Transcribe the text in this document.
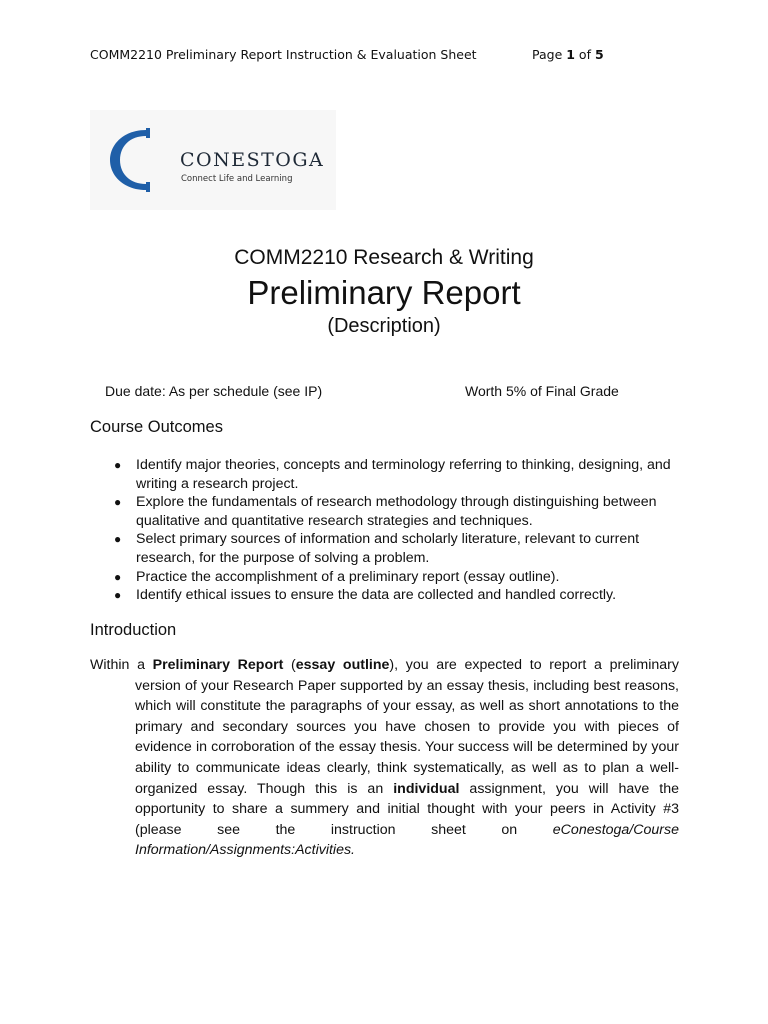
COMM2210 Preliminary Report Instruction & Evaluation Sheet	Page 1 of 5
CONESTOGA
Connect Life and Learning
COMM2210 Research & Writing
Preliminary Report
(Description)
Due date: As per schedule (see IP)	Worth 5% of Final Grade
Course Outcomes
● Identify major theories, concepts and terminology referring to thinking, designing, and writing a research project.
● Explore the fundamentals of research methodology through distinguishing between qualitative and quantitative research strategies and techniques.
● Select primary sources of information and scholarly literature, relevant to current research, for the purpose of solving a problem.
● Practice the accomplishment of a preliminary report (essay outline).
● Identify ethical issues to ensure the data are collected and handled correctly.
Introduction
Within a Preliminary Report (essay outline), you are expected to report a preliminary version of your Research Paper supported by an essay thesis, including best reasons, which will constitute the paragraphs of your essay, as well as short annotations to the primary and secondary sources you have chosen to provide you with pieces of evidence in corroboration of the essay thesis. Your success will be determined by your ability to communicate ideas clearly, think systematically, as well as to plan a well-organized essay. Though this is an individual assignment, you will have the opportunity to share a summery and initial thought with your peers in Activity #3 (please see the instruction sheet on eConestoga/Course Information/Assignments:Activities.
